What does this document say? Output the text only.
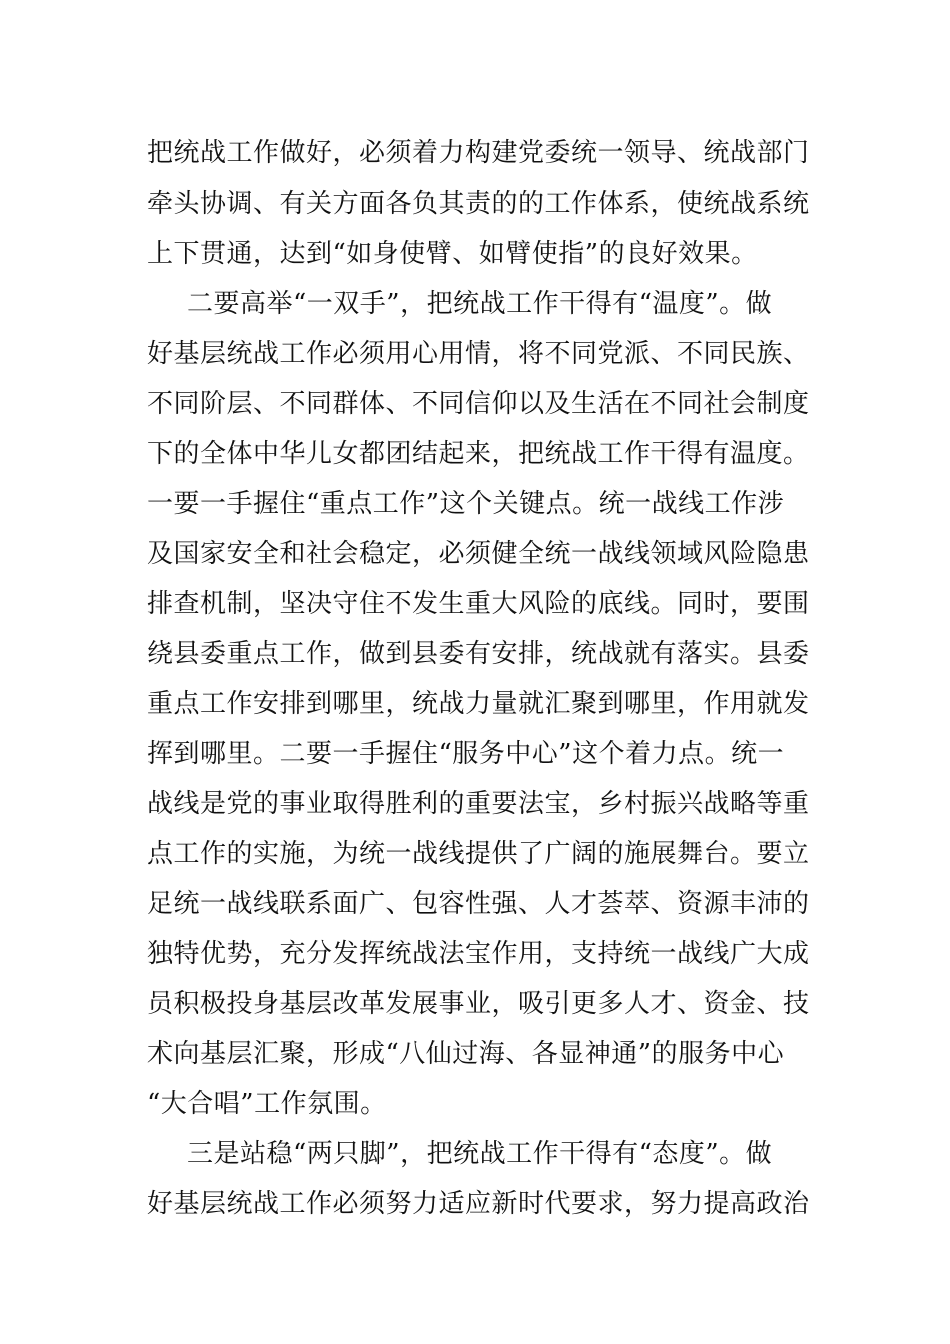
把统战工作做好，必须着力构建党委统一领导、统战部门
牵头协调、有关方面各负其责的的工作体系，使统战系统
上下贯通，达到“如身使臂、如臂使指”的良好效果。
二要高举“一双手”，把统战工作干得有“温度”。做
好基层统战工作必须用心用情，将不同党派、不同民族、
不同阶层、不同群体、不同信仰以及生活在不同社会制度
下的全体中华儿女都团结起来，把统战工作干得有温度。
一要一手握住“重点工作”这个关键点。统一战线工作涉
及国家安全和社会稳定，必须健全统一战线领域风险隐患
排查机制，坚决守住不发生重大风险的底线。同时，要围
绕县委重点工作，做到县委有安排，统战就有落实。县委
重点工作安排到哪里，统战力量就汇聚到哪里，作用就发
挥到哪里。二要一手握住“服务中心”这个着力点。统一
战线是党的事业取得胜利的重要法宝，乡村振兴战略等重
点工作的实施，为统一战线提供了广阔的施展舞台。要立
足统一战线联系面广、包容性强、人才荟萃、资源丰沛的
独特优势，充分发挥统战法宝作用，支持统一战线广大成
员积极投身基层改革发展事业，吸引更多人才、资金、技
术向基层汇聚，形成“八仙过海、各显神通”的服务中心
“大合唱”工作氛围。
三是站稳“两只脚”，把统战工作干得有“态度”。做
好基层统战工作必须努力适应新时代要求，努力提高政治
